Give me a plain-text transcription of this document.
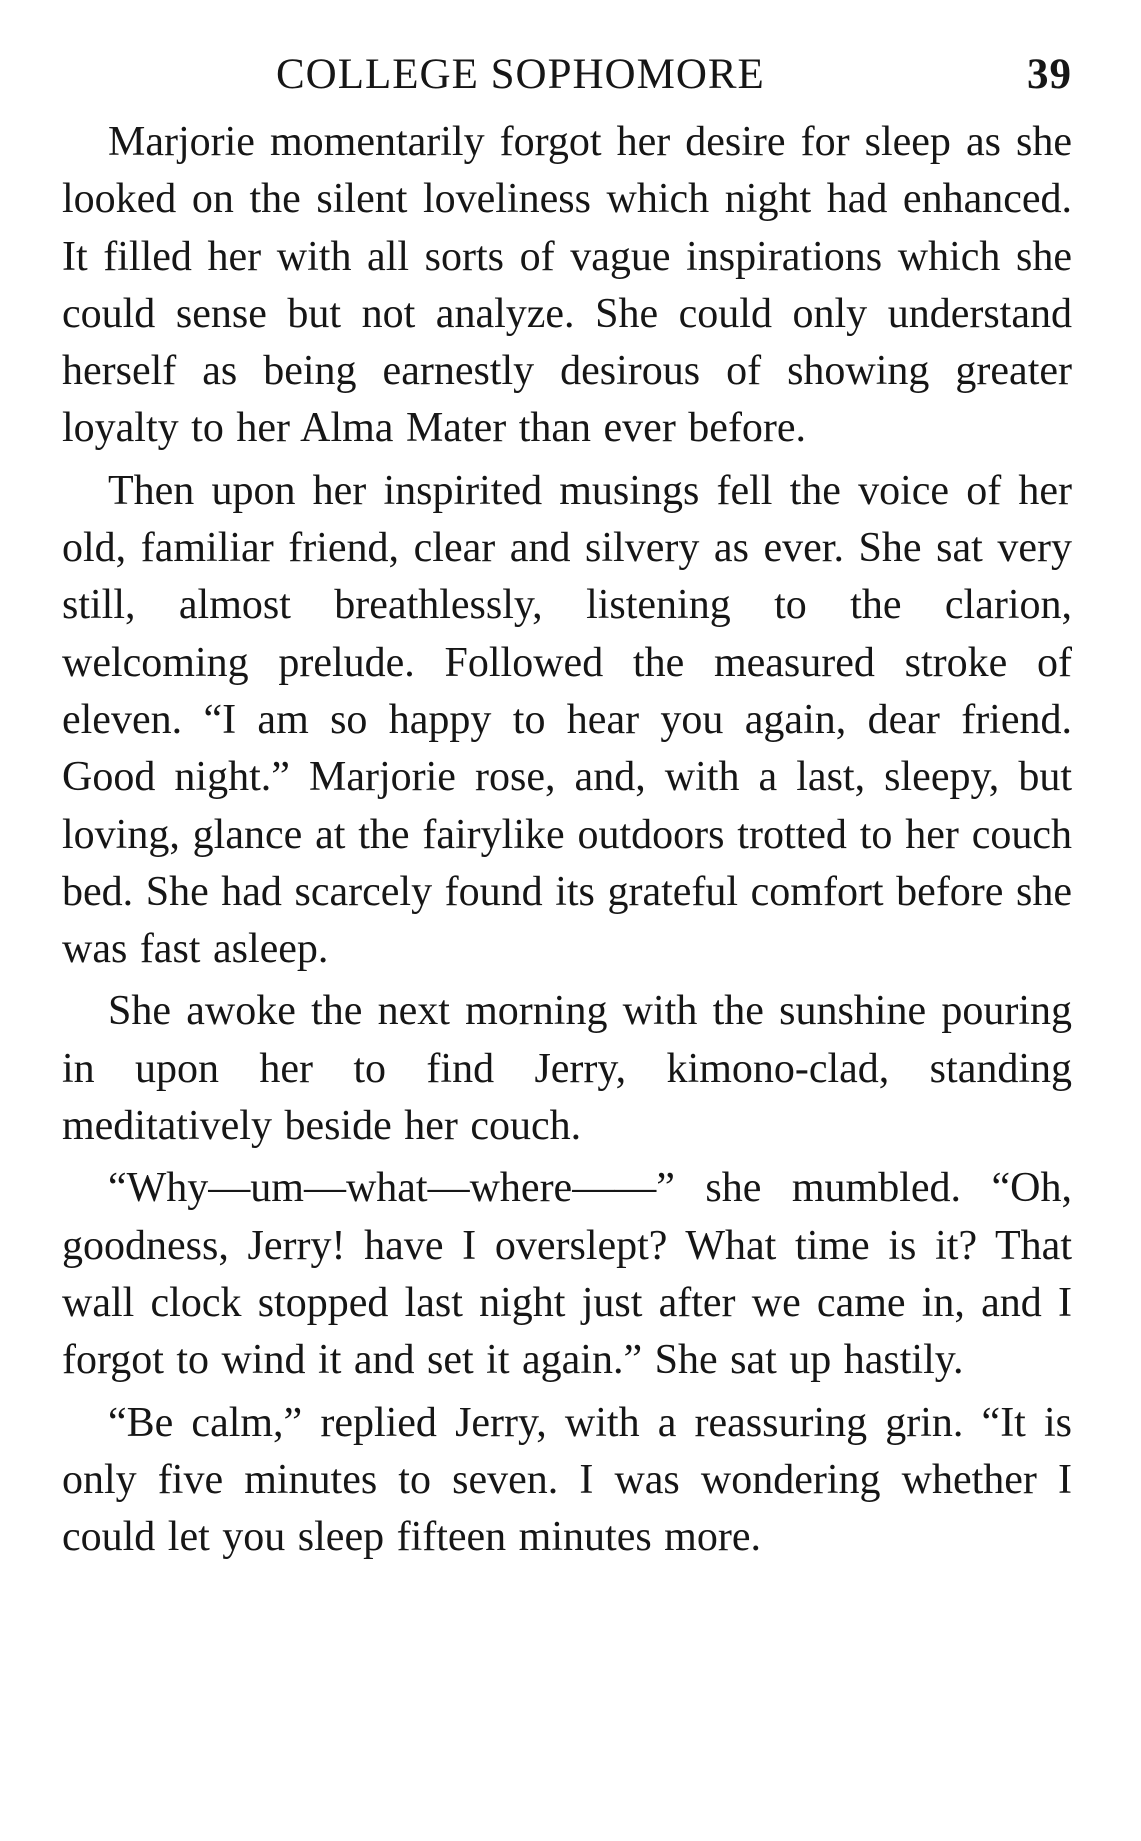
COLLEGE SOPHOMORE	39

Marjorie momentarily forgot her desire for sleep as she looked on the silent loveliness which night had enhanced. It filled her with all sorts of vague inspirations which she could sense but not analyze. She could only understand herself as being earnestly desirous of showing greater loyalty to her Alma Mater than ever before.

Then upon her inspirited musings fell the voice of her old, familiar friend, clear and silvery as ever. She sat very still, almost breathlessly, listening to the clarion, welcoming prelude. Followed the measured stroke of eleven. “I am so happy to hear you again, dear friend. Good night.” Marjorie rose, and, with a last, sleepy, but loving, glance at the fairylike outdoors trotted to her couch bed. She had scarcely found its grateful comfort before she was fast asleep.

She awoke the next morning with the sunshine pouring in upon her to find Jerry, kimono-clad, standing meditatively beside her couch.

“Why—um—what—where——” she mumbled. “Oh, goodness, Jerry! have I overslept? What time is it? That wall clock stopped last night just after we came in, and I forgot to wind it and set it again.” She sat up hastily.

“Be calm,” replied Jerry, with a reassuring grin. “It is only five minutes to seven. I was wondering whether I could let you sleep fifteen minutes more.
